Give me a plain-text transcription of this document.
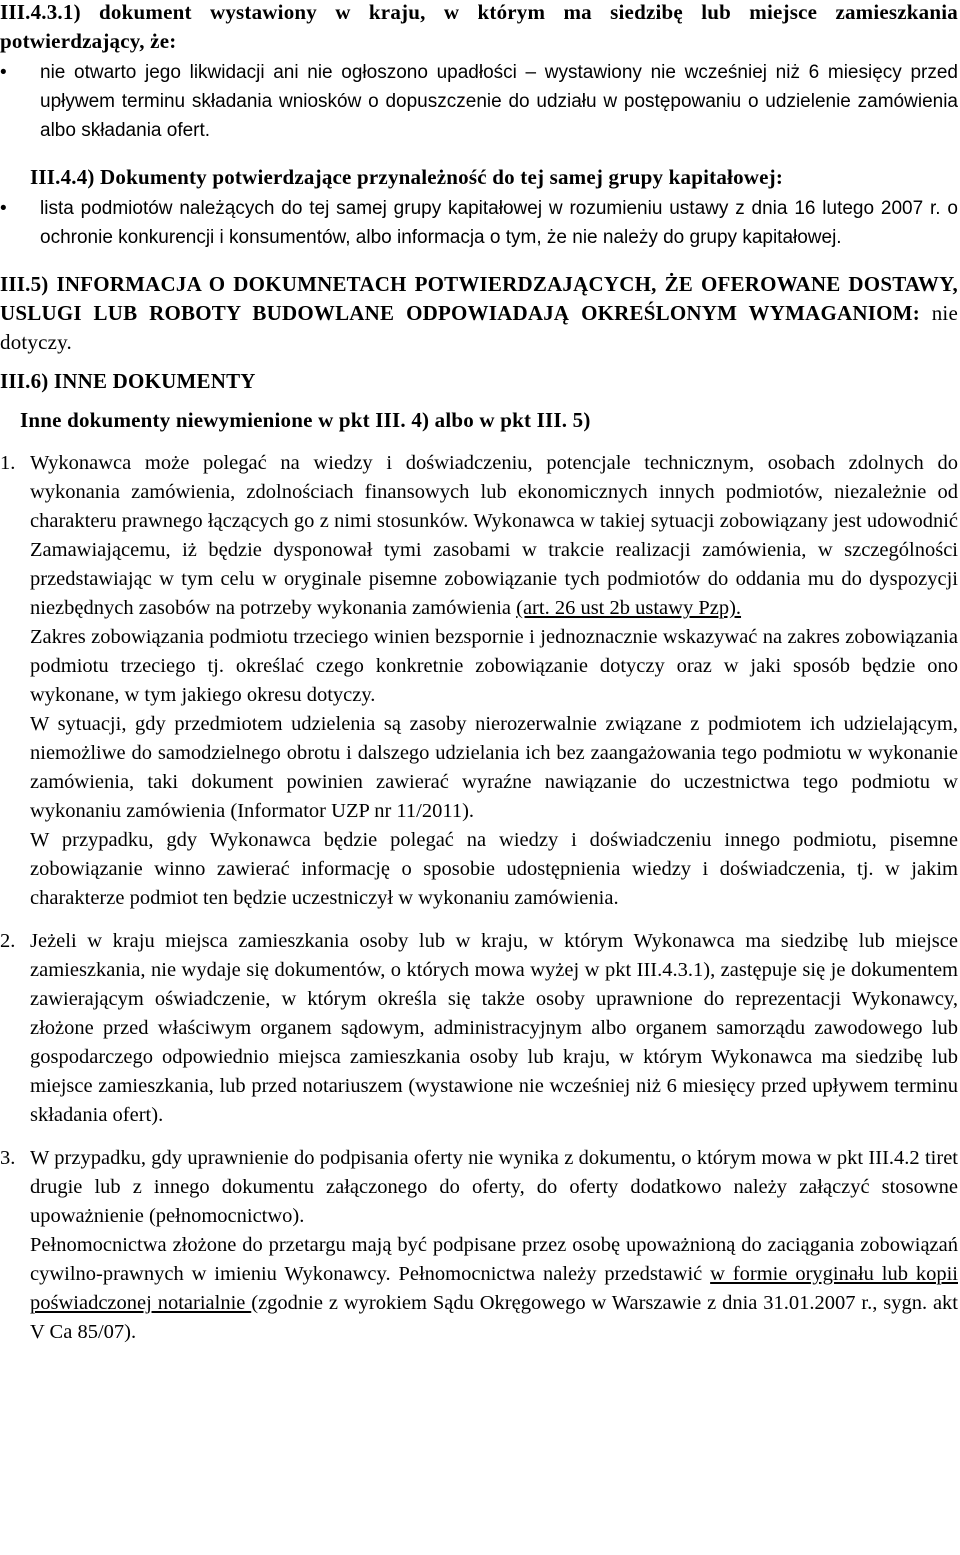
III.4.3.1) dokument wystawiony w kraju, w którym ma siedzibę lub miejsce zamieszkania potwierdzający, że:

•	nie otwarto jego likwidacji ani nie ogłoszono upadłości – wystawiony nie wcześniej niż 6 miesięcy przed upływem terminu składania wniosków o dopuszczenie do udziału w postępowaniu o udzielenie zamówienia albo składania ofert.

III.4.4) Dokumenty potwierdzające przynależność do tej samej grupy kapitałowej:

•	lista podmiotów należących do tej samej grupy kapitałowej w rozumieniu ustawy z dnia 16 lutego 2007 r. o ochronie konkurencji i konsumentów, albo informacja o tym, że nie należy do grupy kapitałowej.

III.5) INFORMACJA O DOKUMNETACH POTWIERDZAJĄCYCH, ŻE OFEROWANE DOSTAWY, USLUGI LUB ROBOTY BUDOWLANE ODPOWIADAJĄ OKREŚLONYM WYMAGANIOM: nie dotyczy.

III.6) INNE DOKUMENTY

Inne dokumenty niewymienione w pkt III. 4) albo w pkt III. 5)

1. Wykonawca może polegać na wiedzy i doświadczeniu, potencjale technicznym, osobach zdolnych do wykonania zamówienia, zdolnościach finansowych lub ekonomicznych innych podmiotów, niezależnie od charakteru prawnego łączących go z nimi stosunków. Wykonawca w takiej sytuacji zobowiązany jest udowodnić Zamawiającemu, iż będzie dysponował tymi zasobami w trakcie realizacji zamówienia, w szczególności przedstawiając w tym celu w oryginale pisemne zobowiązanie tych podmiotów do oddania mu do dyspozycji niezbędnych zasobów na potrzeby wykonania zamówienia (art. 26 ust 2b ustawy Pzp).

Zakres zobowiązania podmiotu trzeciego winien bezspornie i jednoznacznie wskazywać na zakres zobowiązania podmiotu trzeciego tj. określać czego konkretnie zobowiązanie dotyczy oraz w jaki sposób będzie ono wykonane, w tym jakiego okresu dotyczy.

W sytuacji, gdy przedmiotem udzielenia są zasoby nierozerwalnie związane z podmiotem ich udzielającym, niemożliwe do samodzielnego obrotu i dalszego udzielania ich bez zaangażowania tego podmiotu w wykonanie zamówienia, taki dokument powinien zawierać wyraźne nawiązanie do uczestnictwa tego podmiotu w wykonaniu zamówienia (Informator UZP nr 11/2011).

W przypadku, gdy Wykonawca będzie polegać na wiedzy i doświadczeniu innego podmiotu, pisemne zobowiązanie winno zawierać informację o sposobie udostępnienia wiedzy i doświadczenia, tj. w jakim charakterze podmiot ten będzie uczestniczył w wykonaniu zamówienia.

2. Jeżeli w kraju miejsca zamieszkania osoby lub w kraju, w którym Wykonawca ma siedzibę lub miejsce zamieszkania, nie wydaje się dokumentów, o których mowa wyżej w pkt III.4.3.1), zastępuje się je dokumentem zawierającym oświadczenie, w którym określa się także osoby uprawnione do reprezentacji Wykonawcy, złożone przed właściwym organem sądowym, administracyjnym albo organem samorządu zawodowego lub gospodarczego odpowiednio miejsca zamieszkania osoby lub kraju, w którym Wykonawca ma siedzibę lub miejsce zamieszkania, lub przed notariuszem (wystawione nie wcześniej niż 6 miesięcy przed upływem terminu składania ofert).

3. W przypadku, gdy uprawnienie do podpisania oferty nie wynika z dokumentu, o którym mowa w pkt III.4.2 tiret drugie lub z innego dokumentu załączonego do oferty, do oferty dodatkowo należy załączyć stosowne upoważnienie (pełnomocnictwo).

Pełnomocnictwa złożone do przetargu mają być podpisane przez osobę upoważnioną do zaciągania zobowiązań cywilno-prawnych w imieniu Wykonawcy. Pełnomocnictwa należy przedstawić w formie oryginału lub kopii poświadczonej notarialnie (zgodnie z wyrokiem Sądu Okręgowego w Warszawie z dnia 31.01.2007 r., sygn. akt V Ca 85/07).
